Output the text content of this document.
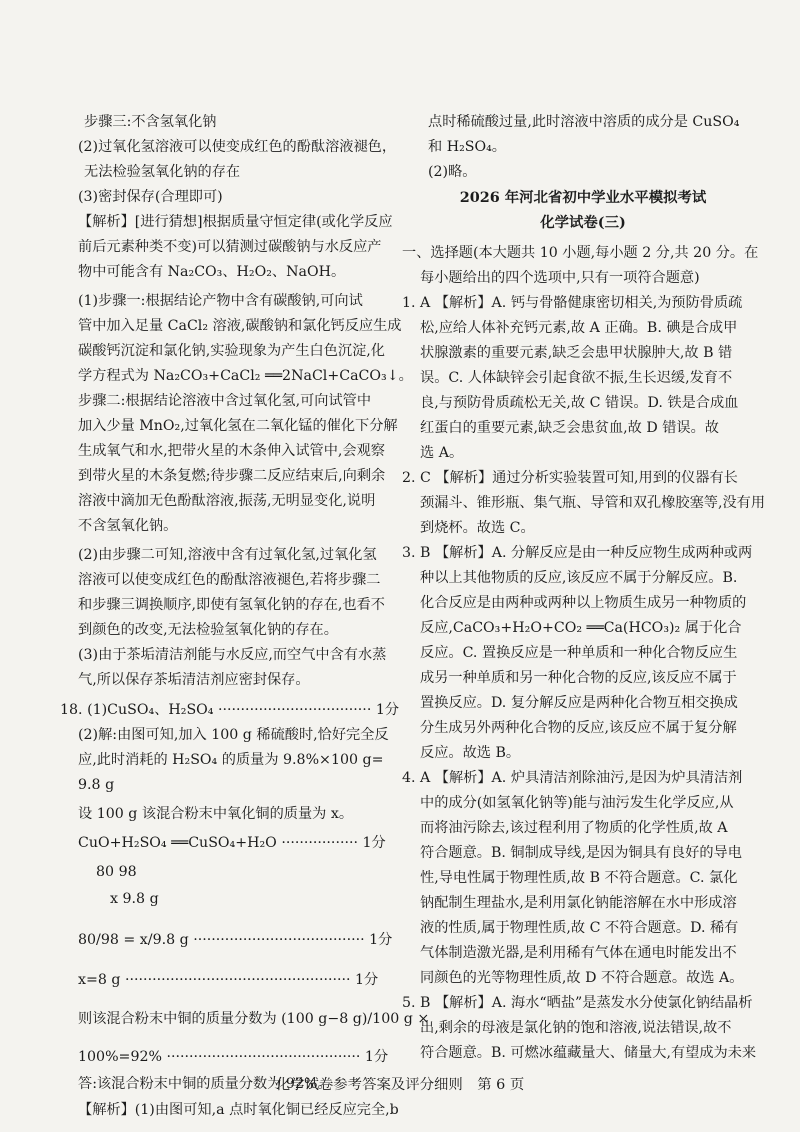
步骤三:不含氢氧化钠
(2)过氧化氢溶液可以使变成红色的酚酞溶液褪色，
无法检验氢氧化钠的存在
(3)密封保存(合理即可)
【解析】[进行猜想]根据质量守恒定律(或化学反应
前后元素种类不变)可以猜测过碳酸钠与水反应产
物中可能含有 Na₂CO₃、H₂O₂、NaOH。
(1)步骤一:根据结论产物中含有碳酸钠,可向试
管中加入足量 CaCl₂ 溶液,碳酸钠和氯化钙反应生成
碳酸钙沉淀和氯化钠,实验现象为产生白色沉淀,化
学方程式为 Na₂CO₃+CaCl₂ ══2NaCl+CaCO₃↓。
步骤二:根据结论溶液中含过氧化氢,可向试管中
加入少量 MnO₂,过氧化氢在二氧化锰的催化下分解
生成氧气和水,把带火星的木条伸入试管中,会观察
到带火星的木条复燃;待步骤二反应结束后,向剩余
溶液中滴加无色酚酞溶液,振荡,无明显变化,说明
不含氢氧化钠。
(2)由步骤二可知,溶液中含有过氧化氢,过氧化氢
溶液可以使变成红色的酚酞溶液褪色,若将步骤二
和步骤三调换顺序,即使有氢氧化钠的存在,也看不
到颜色的改变,无法检验氢氧化钠的存在。
(3)由于茶垢清洁剂能与水反应,而空气中含有水蒸
气,所以保存茶垢清洁剂应密封保存。
18. (1)CuSO₄、H₂SO₄ ·································· 1分
(2)解:由图可知,加入 100 g 稀硫酸时,恰好完全反
应,此时消耗的 H₂SO₄ 的质量为 9.8%×100 g=
9.8 g
设 100 g 该混合粉末中氧化铜的质量为 x。
CuO+H₂SO₄ ══CuSO₄+H₂O ················· 1分
80 98
x 9.8 g
80/98 = x/9.8 g ······································ 1分
x=8 g ·················································· 1分
则该混合粉末中铜的质量分数为 (100 g−8 g)/100 g ×
100%=92% ··········································· 1分
答:该混合粉末中铜的质量分数为 92%。
【解析】(1)由图可知,a 点时氧化铜已经反应完全,b
点时稀硫酸过量,此时溶液中溶质的成分是 CuSO₄
和 H₂SO₄。
(2)略。
2026 年河北省初中学业水平模拟考试
化学试卷(三)
一、选择题(本大题共 10 小题,每小题 2 分,共 20 分。在
每小题给出的四个选项中,只有一项符合题意)
1. A 【解析】A. 钙与骨骼健康密切相关,为预防骨质疏
松,应给人体补充钙元素,故 A 正确。B. 碘是合成甲
状腺激素的重要元素,缺乏会患甲状腺肿大,故 B 错
误。C. 人体缺锌会引起食欲不振,生长迟缓,发育不
良,与预防骨质疏松无关,故 C 错误。D. 铁是合成血
红蛋白的重要元素,缺乏会患贫血,故 D 错误。故
选 A。
2. C 【解析】通过分析实验装置可知,用到的仪器有长
颈漏斗、锥形瓶、集气瓶、导管和双孔橡胶塞等,没有用
到烧杯。故选 C。
3. B 【解析】A. 分解反应是由一种反应物生成两种或两
种以上其他物质的反应,该反应不属于分解反应。B.
化合反应是由两种或两种以上物质生成另一种物质的
反应,CaCO₃+H₂O+CO₂ ══Ca(HCO₃)₂ 属于化合
反应。C. 置换反应是一种单质和一种化合物反应生
成另一种单质和另一种化合物的反应,该反应不属于
置换反应。D. 复分解反应是两种化合物互相交换成
分生成另外两种化合物的反应,该反应不属于复分解
反应。故选 B。
4. A 【解析】A. 炉具清洁剂除油污,是因为炉具清洁剂
中的成分(如氢氧化钠等)能与油污发生化学反应,从
而将油污除去,该过程利用了物质的化学性质,故 A
符合题意。B. 铜制成导线,是因为铜具有良好的导电
性,导电性属于物理性质,故 B 不符合题意。C. 氯化
钠配制生理盐水,是利用氯化钠能溶解在水中形成溶
液的性质,属于物理性质,故 C 不符合题意。D. 稀有
气体制造激光器,是利用稀有气体在通电时能发出不
同颜色的光等物理性质,故 D 不符合题意。故选 A。
5. B 【解析】A. 海水“晒盐”是蒸发水分使氯化钠结晶析
出,剩余的母液是氯化钠的饱和溶液,说法错误,故不
符合题意。B. 可燃冰蕴藏量大、储量大,有望成为未来
化学试卷参考答案及评分细则　第 6 页
